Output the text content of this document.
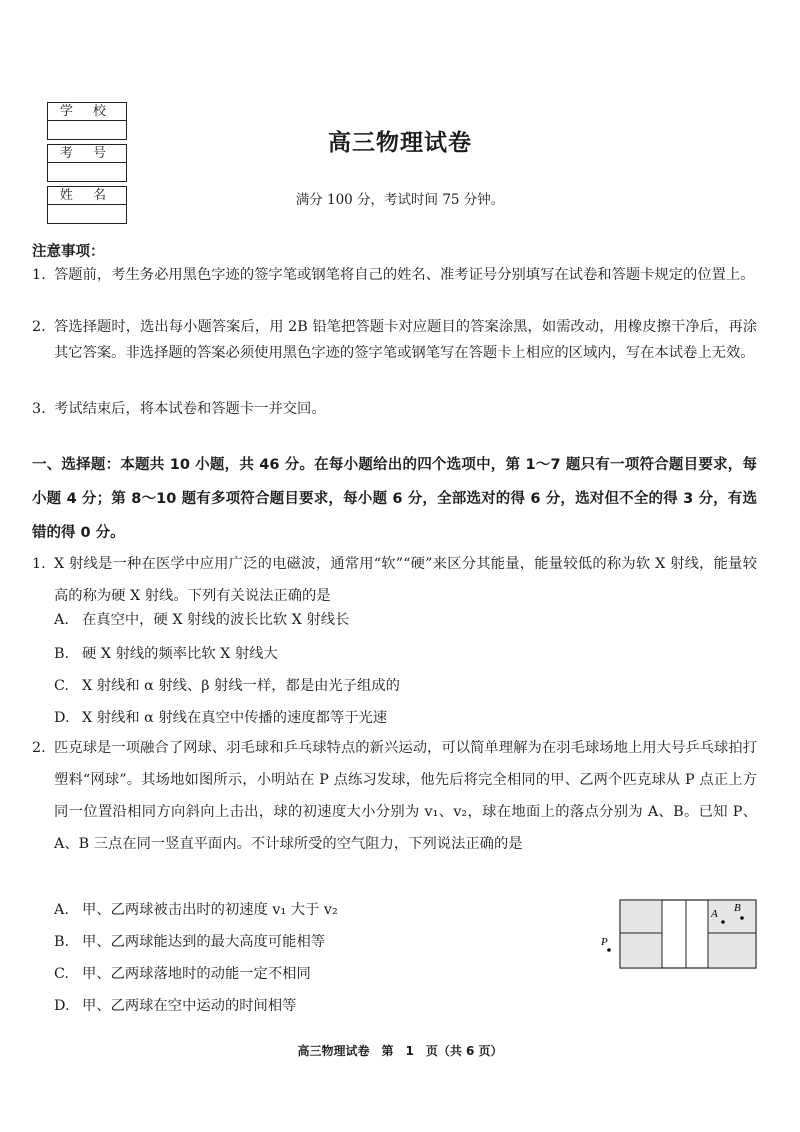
学 校
考 号
姓 名
高三物理试卷
满分 100 分，考试时间 75 分钟。
注意事项：
1. 答题前，考生务必用黑色字迹的签字笔或钢笔将自己的姓名、准考证号分别填写在试卷和答题卡规定的位置上。
2. 答选择题时，选出每小题答案后，用 2B 铅笔把答题卡对应题目的答案涂黑，如需改动，用橡皮擦干净后，再涂其它答案。非选择题的答案必须使用黑色字迹的签字笔或钢笔写在答题卡上相应的区域内，写在本试卷上无效。
3. 考试结束后，将本试卷和答题卡一并交回。
一、选择题：本题共 10 小题，共 46 分。在每小题给出的四个选项中，第 1～7 题只有一项符合题目要求，每小题 4 分；第 8～10 题有多项符合题目要求，每小题 6 分，全部选对的得 6 分，选对但不全的得 3 分，有选错的得 0 分。
1. X 射线是一种在医学中应用广泛的电磁波，通常用“软”“硬”来区分其能量，能量较低的称为软 X 射线，能量较高的称为硬 X 射线。下列有关说法正确的是
A. 在真空中，硬 X 射线的波长比软 X 射线长
B. 硬 X 射线的频率比软 X 射线大
C. X 射线和 α 射线、β 射线一样，都是由光子组成的
D. X 射线和 α 射线在真空中传播的速度都等于光速
2. 匹克球是一项融合了网球、羽毛球和乒乓球特点的新兴运动，可以简单理解为在羽毛球场地上用大号乒乓球拍打塑料“网球”。其场地如图所示，小明站在 P 点练习发球，他先后将完全相同的甲、乙两个匹克球从 P 点正上方同一位置沿相同方向斜向上击出，球的初速度大小分别为 v₁、v₂，球在地面上的落点分别为 A、B。已知 P、A、B 三点在同一竖直平面内。不计球所受的空气阻力，下列说法正确的是
A. 甲、乙两球被击出时的初速度 v₁ 大于 v₂
B. 甲、乙两球能达到的最大高度可能相等
C. 甲、乙两球落地时的动能一定不相同
D. 甲、乙两球在空中运动的时间相等
P
A B
高三物理试卷　第　1　页（共 6 页）
